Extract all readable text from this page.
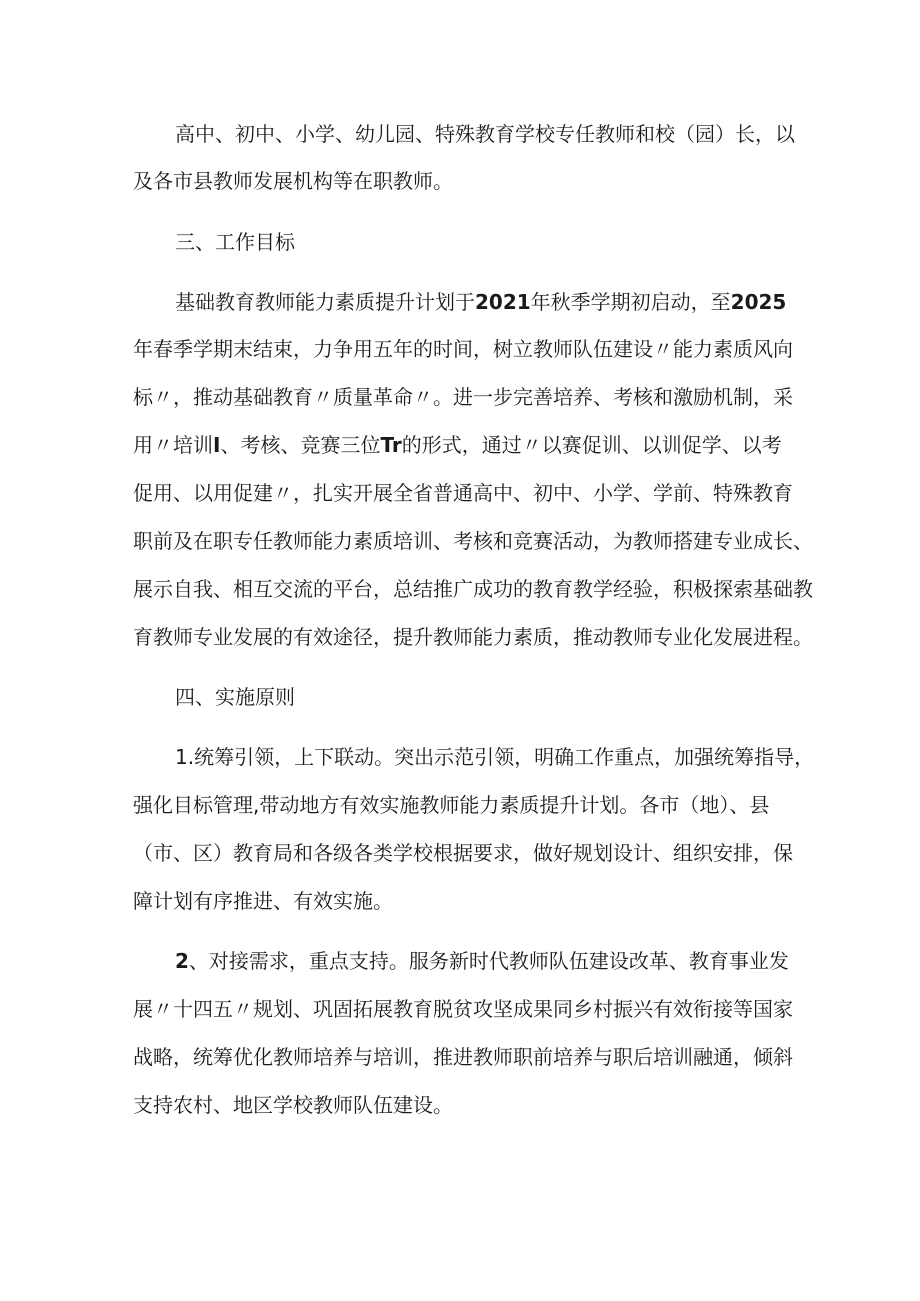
高中、初中、小学、幼儿园、特殊教育学校专任教师和校（园）长，以
及各市县教师发展机构等在职教师。
三、工作目标
基础教育教师能力素质提升计划于2021年秋季学期初启动，至2025
年春季学期末结束，力争用五年的时间，树立教师队伍建设〃能力素质风向
标〃，推动基础教育〃质量革命〃。进一步完善培养、考核和激励机制，采
用〃培训I、考核、竞赛三位Tr的形式，通过〃以赛促训、以训促学、以考
促用、以用促建〃，扎实开展全省普通高中、初中、小学、学前、特殊教育
职前及在职专任教师能力素质培训、考核和竞赛活动，为教师搭建专业成长、
展示自我、相互交流的平台，总结推广成功的教育教学经验，积极探索基础教
育教师专业发展的有效途径，提升教师能力素质，推动教师专业化发展进程。
四、实施原则
1.统筹引领，上下联动。突出示范引领，明确工作重点，加强统筹指导，
强化目标管理,带动地方有效实施教师能力素质提升计划。各市（地）、县
（市、区）教育局和各级各类学校根据要求，做好规划设计、组织安排，保
障计划有序推进、有效实施。
2、对接需求，重点支持。服务新时代教师队伍建设改革、教育事业发
展〃十四五〃规划、巩固拓展教育脱贫攻坚成果同乡村振兴有效衔接等国家
战略，统筹优化教师培养与培训，推进教师职前培养与职后培训融通，倾斜
支持农村、地区学校教师队伍建设。
